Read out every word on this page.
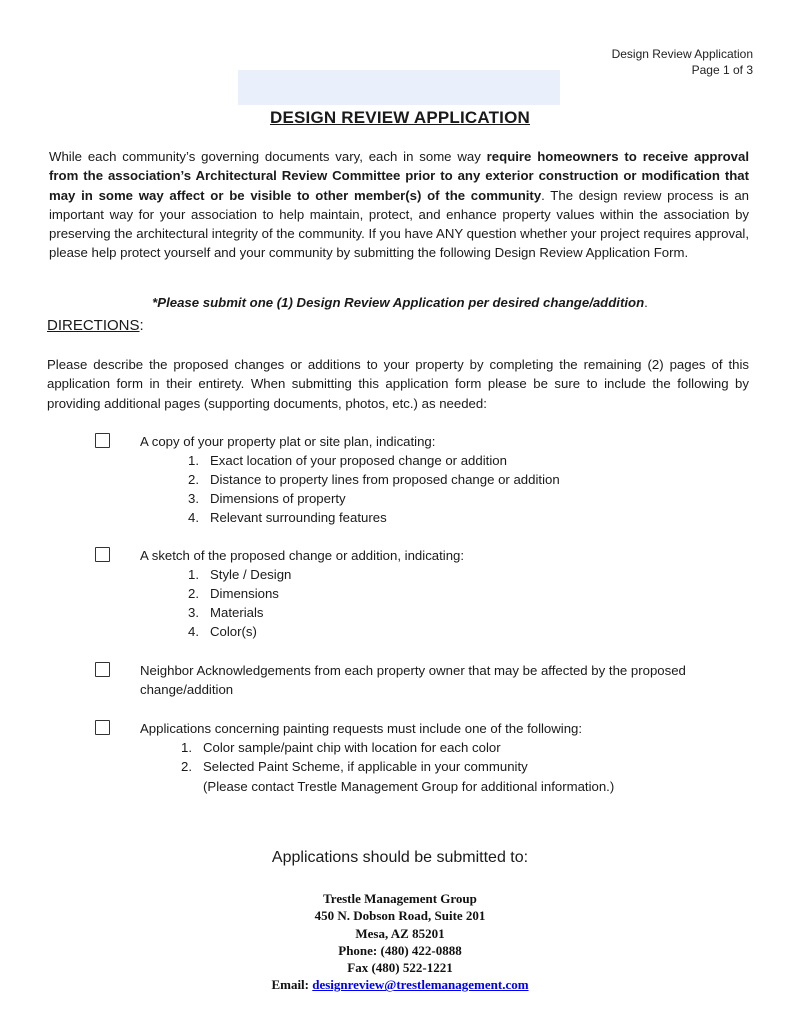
Design Review Application
Page 1 of 3
DESIGN REVIEW APPLICATION
While each community’s governing documents vary, each in some way require homeowners to receive approval from the association’s Architectural Review Committee prior to any exterior construction or modification that may in some way affect or be visible to other member(s) of the community. The design review process is an important way for your association to help maintain, protect, and enhance property values within the association by preserving the architectural integrity of the community. If you have ANY question whether your project requires approval, please help protect yourself and your community by submitting the following Design Review Application Form.
*Please submit one (1) Design Review Application per desired change/addition.
DIRECTIONS:
Please describe the proposed changes or additions to your property by completing the remaining (2) pages of this application form in their entirety. When submitting this application form please be sure to include the following by providing additional pages (supporting documents, photos, etc.) as needed:
A copy of your property plat or site plan, indicating:
1. Exact location of your proposed change or addition
2. Distance to property lines from proposed change or addition
3. Dimensions of property
4. Relevant surrounding features
A sketch of the proposed change or addition, indicating:
1. Style / Design
2. Dimensions
3. Materials
4. Color(s)
Neighbor Acknowledgements from each property owner that may be affected by the proposed
change/addition
Applications concerning painting requests must include one of the following:
1. Color sample/paint chip with location for each color
2. Selected Paint Scheme, if applicable in your community
(Please contact Trestle Management Group for additional information.)
Applications should be submitted to:
Trestle Management Group
450 N. Dobson Road, Suite 201
Mesa, AZ 85201
Phone: (480) 422-0888
Fax (480) 522-1221
Email: designreview@trestlemanagement.com
